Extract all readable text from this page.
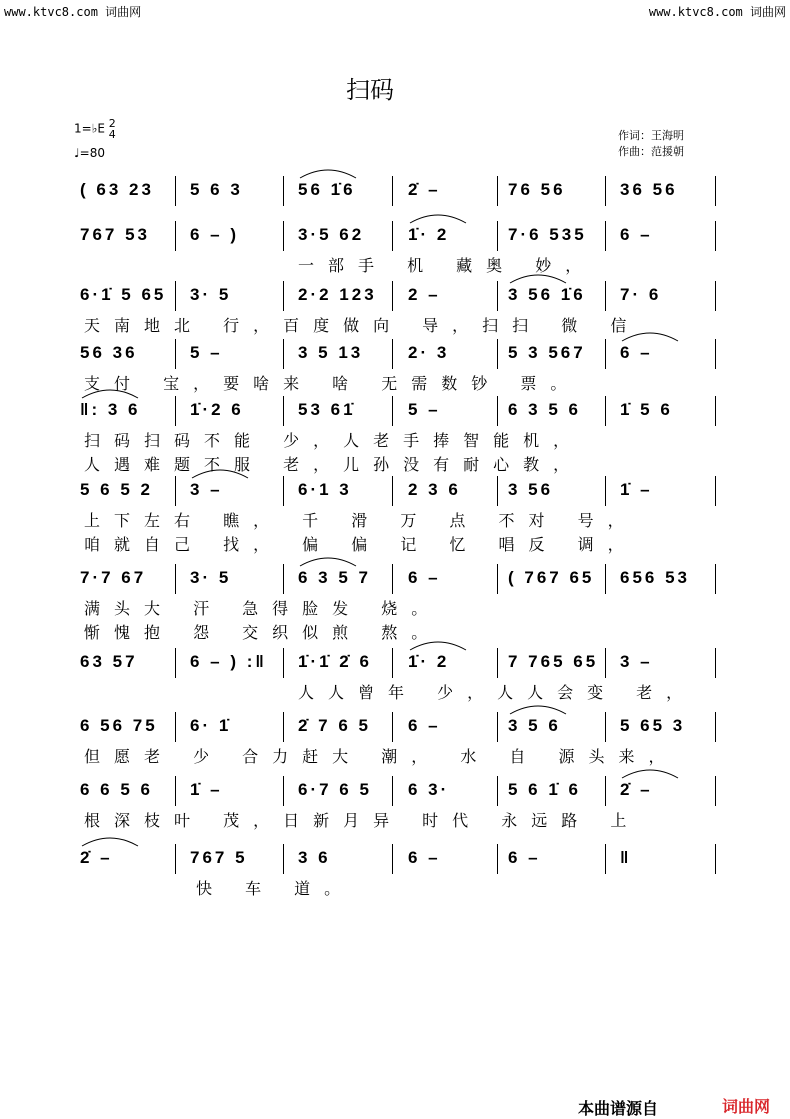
www.ktvc8.com 词曲网	www.ktvc8.com 词曲网
扫码
1=♭E 2
4
♩=80
作词：王海明
作曲：范援朝
( 63 23 5 6 3	56 1̇6	2̇ –	76 56	36 56
767 53 6 – )	3·5 62	1̇· 2	7·6 535 6 –
一部手 机 藏奥 妙，
6·1̇ 5 65 3· 5	2·2 123 2 –	3 56 1̇6 7· 6
天南地北 行，百度做向 导，扫扫 微 信
56 36	5 –	3 5 13	2· 3	5 3 567 6 –
支付 宝，要啥来 啥 无需数钞 票。
‖: 3 6	1̇·2 6	53 61̇	5 –	6 3 5 6 1̇ 5 6
扫码扫码不能 少，人老手捧智能机，
人遇难题不服 老，儿孙没有耐心教，
5 6 5 2 3 –	6·1 3	2 3 6	3 56	1̇ –
上下左右 瞧， 千 滑 万 点 不对 号，
咱就自己 找， 偏 偏 记 忆 唱反 调，
7·7 67	3· 5	6 3 5 7 6 –	( 767 65 656 53
满头大 汗 急得脸发 烧。
惭愧抱 怨 交织似煎 熬。
63 57	6 – ) :‖ 1̇·1̇ 2̇ 6 1̇· 2	7 765 65 3 –
人人曾年 少，人人会变 老，
6 56 75 6· 1̇	2̇ 7 6 5 6 –	3 5 6	5 65 3
但愿老 少 合力赶大 潮， 水 自 源头来，
6 6 5 6 1̇ –	6·7 6 5 6 3·	5 6 1̇ 6 2̇ –
根深枝叶 茂，日新月异 时代 永远路 上
2̇ –	767 5	3 6	6 –	6 –	‖
快 车 道。
本曲谱源自	词曲网
